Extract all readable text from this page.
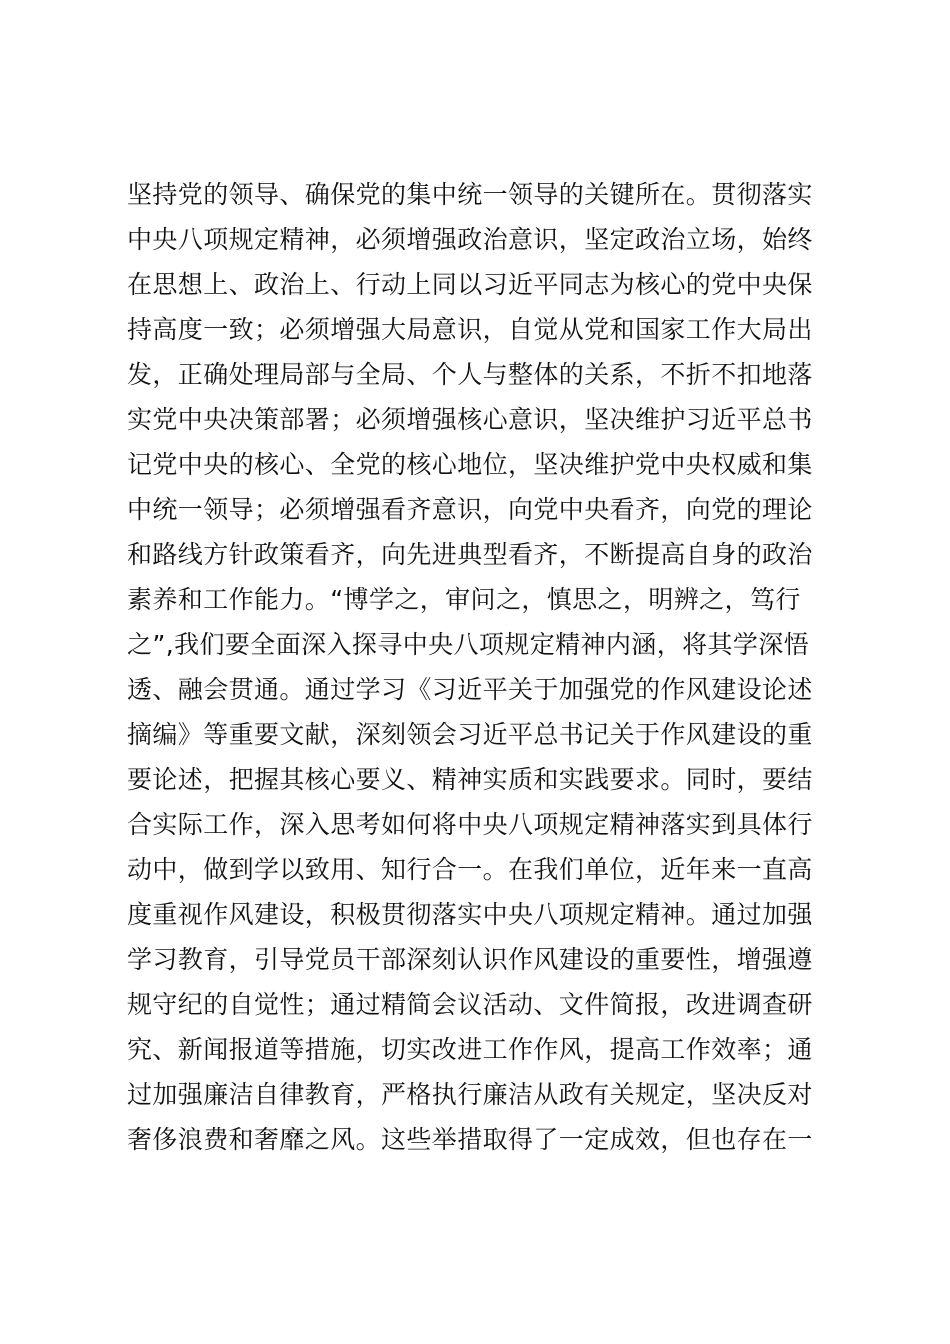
坚持党的领导、确保党的集中统一领导的关键所在。贯彻落实
中央八项规定精神，必须增强政治意识，坚定政治立场，始终
在思想上、政治上、行动上同以习近平同志为核心的党中央保
持高度一致；必须增强大局意识，自觉从党和国家工作大局出
发，正确处理局部与全局、个人与整体的关系，不折不扣地落
实党中央决策部署；必须增强核心意识，坚决维护习近平总书
记党中央的核心、全党的核心地位，坚决维护党中央权威和集
中统一领导；必须增强看齐意识，向党中央看齐，向党的理论
和路线方针政策看齐，向先进典型看齐，不断提高自身的政治
素养和工作能力。“博学之，审问之，慎思之，明辨之，笃行
之”,我们要全面深入探寻中央八项规定精神内涵，将其学深悟
透、融会贯通。通过学习《习近平关于加强党的作风建设论述
摘编》等重要文献，深刻领会习近平总书记关于作风建设的重
要论述，把握其核心要义、精神实质和实践要求。同时，要结
合实际工作，深入思考如何将中央八项规定精神落实到具体行
动中，做到学以致用、知行合一。在我们单位，近年来一直高
度重视作风建设，积极贯彻落实中央八项规定精神。通过加强
学习教育，引导党员干部深刻认识作风建设的重要性，增强遵
规守纪的自觉性；通过精简会议活动、文件简报，改进调查研
究、新闻报道等措施，切实改进工作作风，提高工作效率；通
过加强廉洁自律教育，严格执行廉洁从政有关规定，坚决反对
奢侈浪费和奢靡之风。这些举措取得了一定成效，但也存在一
